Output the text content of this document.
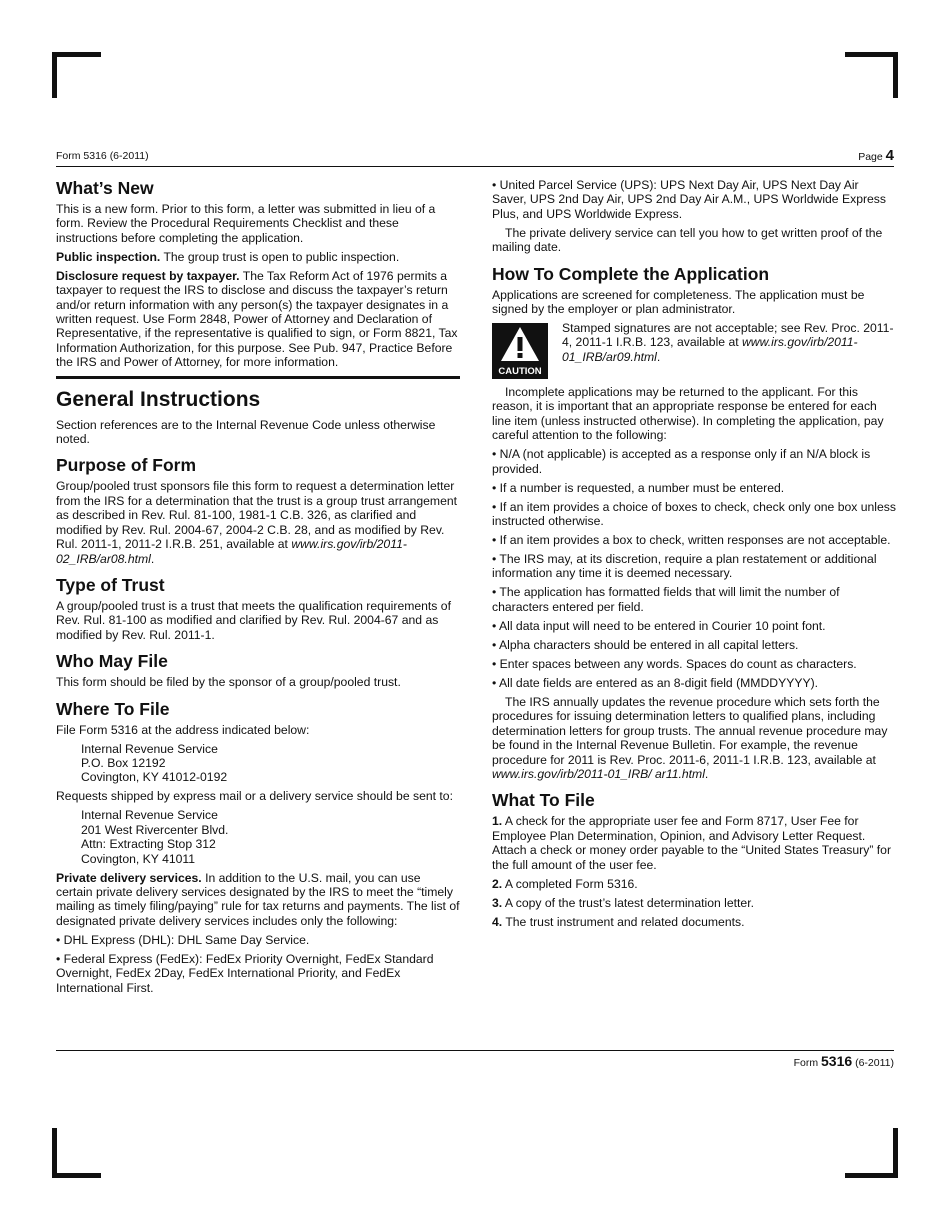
Form 5316 (6-2011)	Page 4
What’s New

This is a new form. Prior to this form, a letter was submitted in lieu of a form. Review the Procedural Requirements Checklist and these instructions before completing the application.

Public inspection. The group trust is open to public inspection.

Disclosure request by taxpayer. The Tax Reform Act of 1976 permits a taxpayer to request the IRS to disclose and discuss the taxpayer’s return and/or return information with any person(s) the taxpayer designates in a written request. Use Form 2848, Power of Attorney and Declaration of Representative, if the representative is qualified to sign, or Form 8821, Tax Information Authorization, for this purpose. See Pub. 947, Practice Before the IRS and Power of Attorney, for more information.

General Instructions

Section references are to the Internal Revenue Code unless otherwise noted.

Purpose of Form

Group/pooled trust sponsors file this form to request a determination letter from the IRS for a determination that the trust is a group trust arrangement as described in Rev. Rul. 81-100, 1981-1 C.B. 326, as clarified and modified by Rev. Rul. 2004-67, 2004-2 C.B. 28, and as modified by Rev. Rul. 2011-1, 2011-2 I.R.B. 251, available at www.irs.gov/irb/2011-02_IRB/ar08.html.

Type of Trust

A group/pooled trust is a trust that meets the qualification requirements of Rev. Rul. 81-100 as modified and clarified by Rev. Rul. 2004-67 and as modified by Rev. Rul. 2011-1.

Who May File

This form should be filed by the sponsor of a group/pooled trust.

Where To File

File Form 5316 at the address indicated below:

Internal Revenue Service
P.O. Box 12192
Covington, KY 41012-0192

Requests shipped by express mail or a delivery service should be sent to:

Internal Revenue Service
201 West Rivercenter Blvd.
Attn: Extracting Stop 312
Covington, KY 41011

Private delivery services. In addition to the U.S. mail, you can use certain private delivery services designated by the IRS to meet the “timely mailing as timely filing/paying” rule for tax returns and payments. The list of designated private delivery services includes only the following:

• DHL Express (DHL): DHL Same Day Service.

• Federal Express (FedEx): FedEx Priority Overnight, FedEx Standard Overnight, FedEx 2Day, FedEx International Priority, and FedEx International First.

• United Parcel Service (UPS): UPS Next Day Air, UPS Next Day Air Saver, UPS 2nd Day Air, UPS 2nd Day Air A.M., UPS Worldwide Express Plus, and UPS Worldwide Express.

The private delivery service can tell you how to get written proof of the mailing date.

How To Complete the Application

Applications are screened for completeness. The application must be signed by the employer or plan administrator.

CAUTION
Stamped signatures are not acceptable; see Rev. Proc. 2011-4, 2011-1 I.R.B. 123, available at www.irs.gov/irb/2011-01_IRB/ar09.html.

Incomplete applications may be returned to the applicant. For this reason, it is important that an appropriate response be entered for each line item (unless instructed otherwise). In completing the application, pay careful attention to the following:

• N/A (not applicable) is accepted as a response only if an N/A block is provided.

• If a number is requested, a number must be entered.

• If an item provides a choice of boxes to check, check only one box unless instructed otherwise.

• If an item provides a box to check, written responses are not acceptable.

• The IRS may, at its discretion, require a plan restatement or additional information any time it is deemed necessary.

• The application has formatted fields that will limit the number of characters entered per field.

• All data input will need to be entered in Courier 10 point font.

• Alpha characters should be entered in all capital letters.

• Enter spaces between any words. Spaces do count as characters.

• All date fields are entered as an 8-digit field (MMDDYYYY).

The IRS annually updates the revenue procedure which sets forth the procedures for issuing determination letters to qualified plans, including determination letters for group trusts. The annual revenue procedure may be found in the Internal Revenue Bulletin. For example, the revenue procedure for 2011 is Rev. Proc. 2011-6, 2011-1 I.R.B. 123, available at www.irs.gov/irb/2011-01_IRB/ ar11.html.

What To File

1. A check for the appropriate user fee and Form 8717, User Fee for Employee Plan Determination, Opinion, and Advisory Letter Request. Attach a check or money order payable to the “United States Treasury” for the full amount of the user fee.

2. A completed Form 5316.

3. A copy of the trust’s latest determination letter.

4. The trust instrument and related documents.

Form 5316 (6-2011)
